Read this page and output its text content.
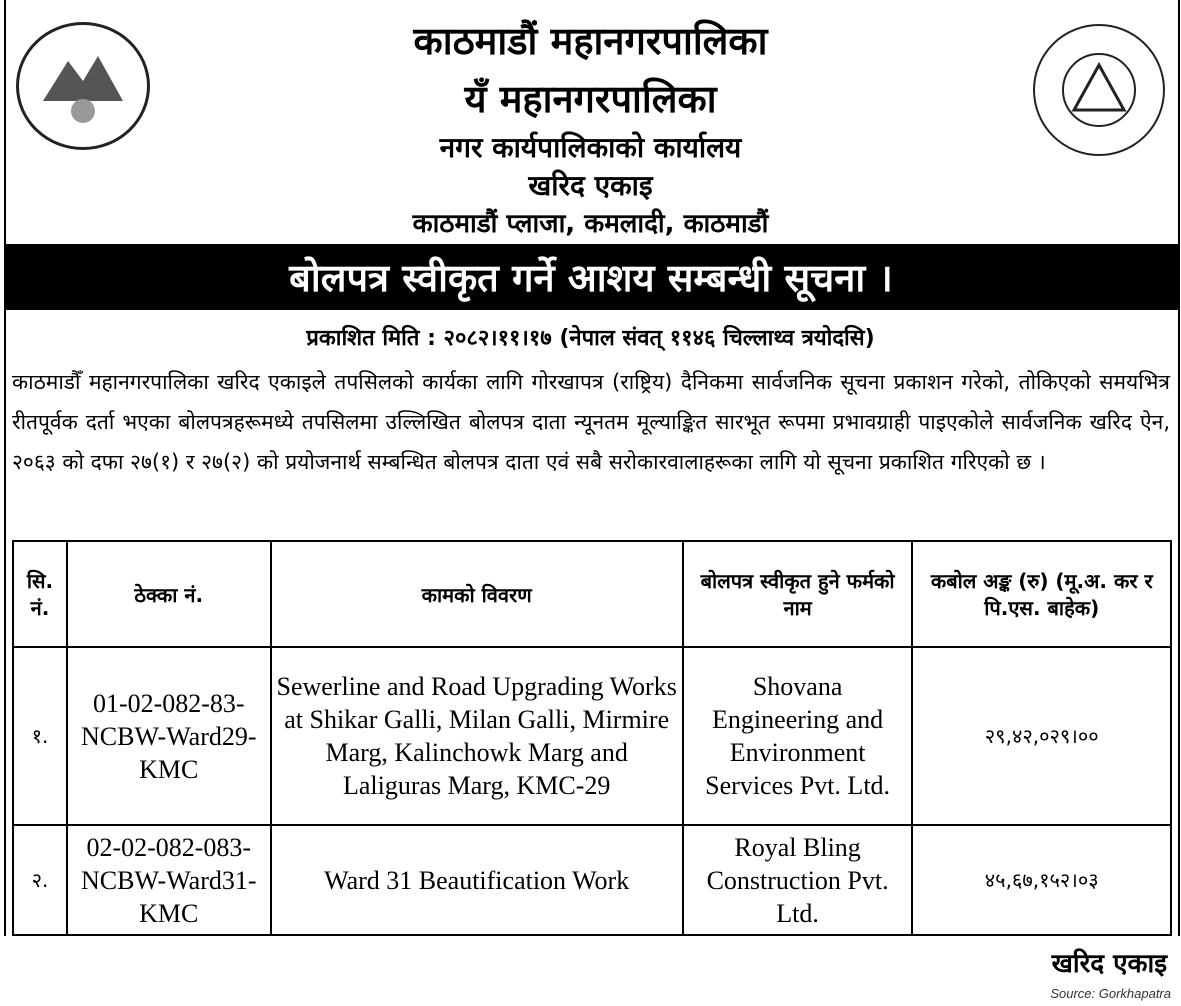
काठमाडौं महानगरपालिका
यँ महानगरपालिका
नगर कार्यपालिकाको कार्यालय
खरिद एकाइ
काठमाडौं प्लाजा, कमलादी, काठमाडौं
बोलपत्र स्वीकृत गर्ने आशय सम्बन्धी सूचना ।
प्रकाशित मिति : २०८२।११।१७ (नेपाल संवत् ११४६ चिल्लाथ्व त्रयोदसि)
काठमाडौँ महानगरपालिका खरिद एकाइले तपसिलको कार्यका लागि गोरखापत्र (राष्ट्रिय) दैनिकमा सार्वजनिक सूचना प्रकाशन गरेको, तोकिएको समयभित्र रीतपूर्वक दर्ता भएका बोलपत्रहरूमध्ये तपसिलमा उल्लिखित बोलपत्र दाता न्यूनतम मूल्याङ्कित सारभूत रूपमा प्रभावग्राही पाइएकोले सार्वजनिक खरिद ऐन, २०६३ को दफा २७(१) र २७(२) को प्रयोजनार्थ सम्बन्धित बोलपत्र दाता एवं सबै सरोकारवालाहरूका लागि यो सूचना प्रकाशित गरिएको छ ।
सि. नं.	ठेक्का नं.	कामको विवरण	बोलपत्र स्वीकृत हुने फर्मको नाम	कबोल अङ्क (रु) (मू.अ. कर र पि.एस. बाहेक)
१.	01-02-082-83-NCBW-Ward29-KMC	Sewerline and Road Upgrading Works at Shikar Galli, Milan Galli, Mirmire Marg, Kalinchowk Marg and Laliguras Marg, KMC-29	Shovana Engineering and Environment Services Pvt. Ltd.	२९,४२,०२९।००
२.	02-02-082-083-NCBW-Ward31-KMC	Ward 31 Beautification Work	Royal Bling Construction Pvt. Ltd.	४५,६७,१५२।०३
खरिद एकाइ
Source: Gorkhapatra
